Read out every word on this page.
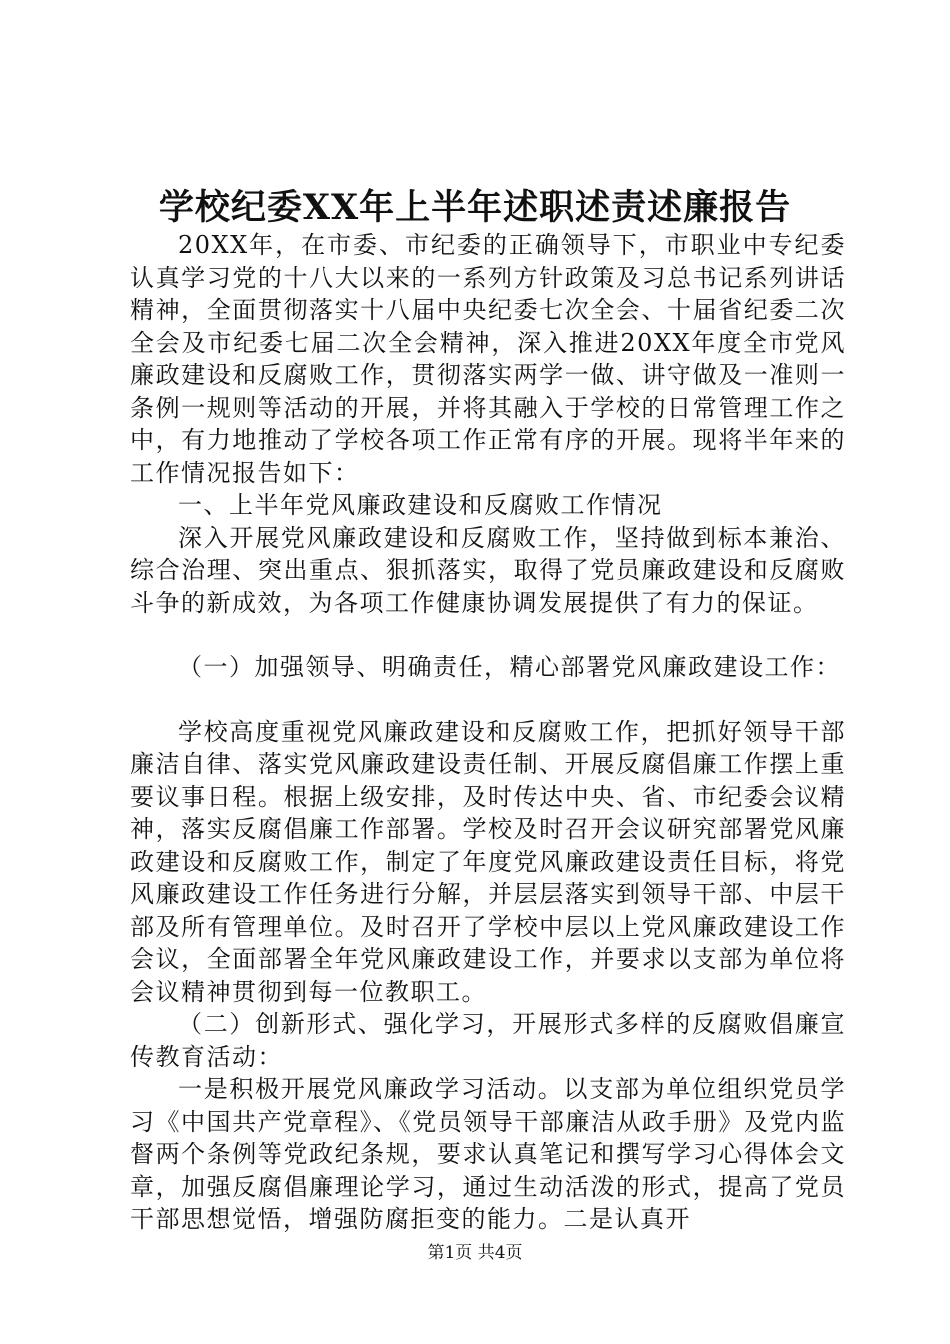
学校纪委XX年上半年述职述责述廉报告

20XX年，在市委、市纪委的正确领导下，市职业中专纪委认真学习党的十八大以来的一系列方针政策及习总书记系列讲话精神，全面贯彻落实十八届中央纪委七次全会、十届省纪委二次全会及市纪委七届二次全会精神，深入推进20XX年度全市党风廉政建设和反腐败工作，贯彻落实两学一做、讲守做及一准则一条例一规则等活动的开展，并将其融入于学校的日常管理工作之中，有力地推动了学校各项工作正常有序的开展。现将半年来的工作情况报告如下：

一、上半年党风廉政建设和反腐败工作情况

深入开展党风廉政建设和反腐败工作，坚持做到标本兼治、综合治理、突出重点、狠抓落实，取得了党员廉政建设和反腐败斗争的新成效，为各项工作健康协调发展提供了有力的保证。

（一）加强领导、明确责任，精心部署党风廉政建设工作：

学校高度重视党风廉政建设和反腐败工作，把抓好领导干部廉洁自律、落实党风廉政建设责任制、开展反腐倡廉工作摆上重要议事日程。根据上级安排，及时传达中央、省、市纪委会议精神，落实反腐倡廉工作部署。学校及时召开会议研究部署党风廉政建设和反腐败工作，制定了年度党风廉政建设责任目标，将党风廉政建设工作任务进行分解，并层层落实到领导干部、中层干部及所有管理单位。及时召开了学校中层以上党风廉政建设工作会议，全面部署全年党风廉政建设工作，并要求以支部为单位将会议精神贯彻到每一位教职工。

（二）创新形式、强化学习，开展形式多样的反腐败倡廉宣传教育活动：

一是积极开展党风廉政学习活动。以支部为单位组织党员学习《中国共产党章程》、《党员领导干部廉洁从政手册》及党内监督两个条例等党政纪条规，要求认真笔记和撰写学习心得体会文章，加强反腐倡廉理论学习，通过生动活泼的形式，提高了党员干部思想觉悟，增强防腐拒变的能力。二是认真开

第1页 共4页
